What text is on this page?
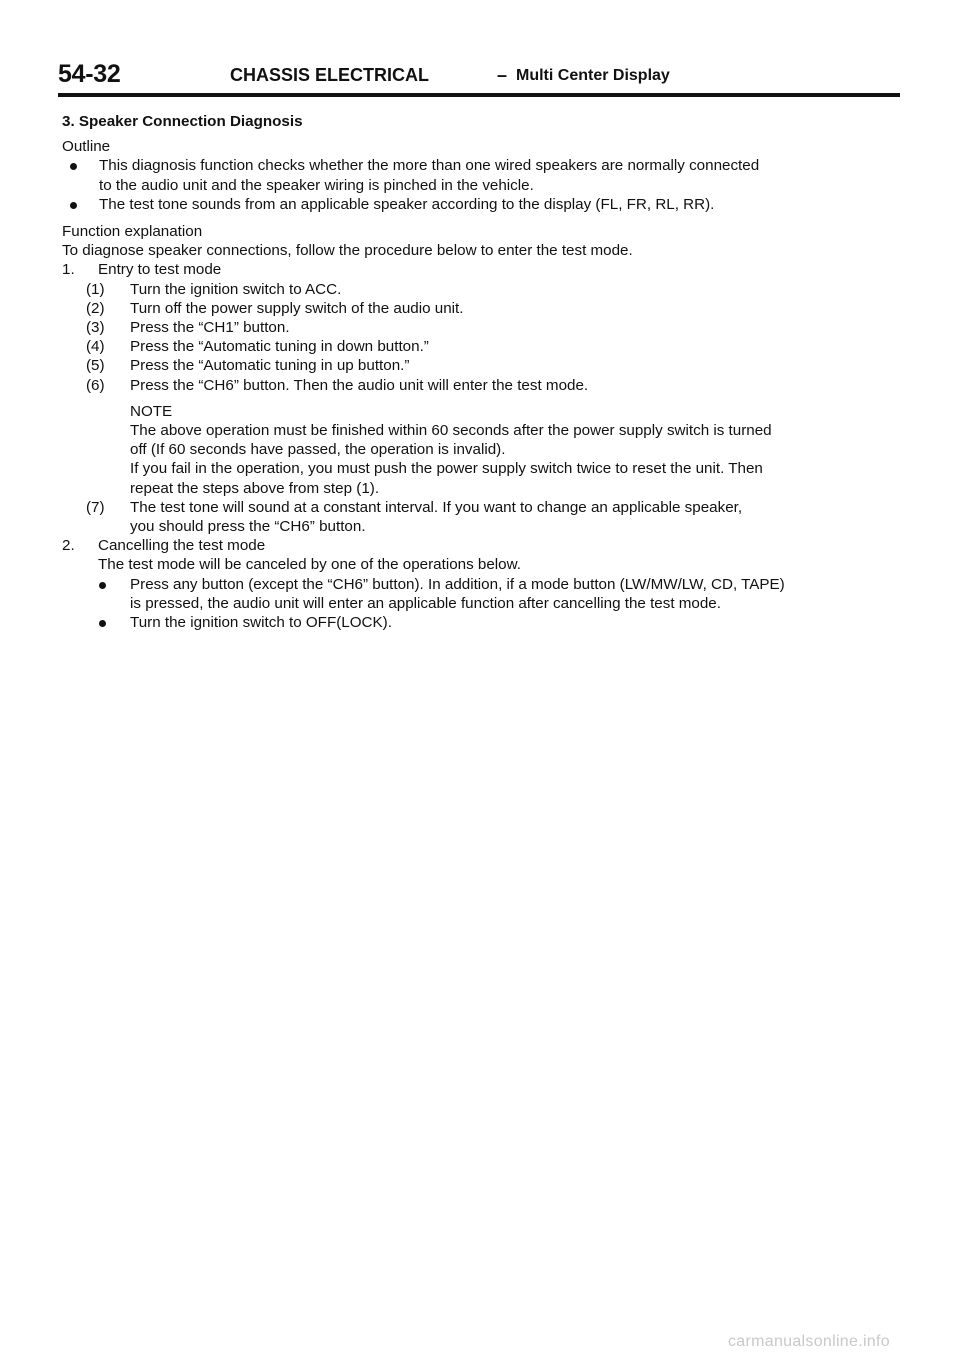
54-32	CHASSIS ELECTRICAL	– Multi Center Display
3. Speaker Connection Diagnosis
Outline
This diagnosis function checks whether the more than one wired speakers are normally connected
to the audio unit and the speaker wiring is pinched in the vehicle.
The test tone sounds from an applicable speaker according to the display (FL, FR, RL, RR).
Function explanation
To diagnose speaker connections, follow the procedure below to enter the test mode.
1. Entry to test mode
(1) Turn the ignition switch to ACC.
(2) Turn off the power supply switch of the audio unit.
(3) Press the “CH1” button.
(4) Press the “Automatic tuning in down button.”
(5) Press the “Automatic tuning in up button.”
(6) Press the “CH6” button. Then the audio unit will enter the test mode.
NOTE
The above operation must be finished within 60 seconds after the power supply switch is turned
off (If 60 seconds have passed, the operation is invalid).
If you fail in the operation, you must push the power supply switch twice to reset the unit. Then
repeat the steps above from step (1).
(7) The test tone will sound at a constant interval. If you want to change an applicable speaker,
you should press the “CH6” button.
2. Cancelling the test mode
The test mode will be canceled by one of the operations below.
Press any button (except the “CH6” button). In addition, if a mode button (LW/MW/LW, CD, TAPE)
is pressed, the audio unit will enter an applicable function after cancelling the test mode.
Turn the ignition switch to OFF(LOCK).
carmanualsonline.info
